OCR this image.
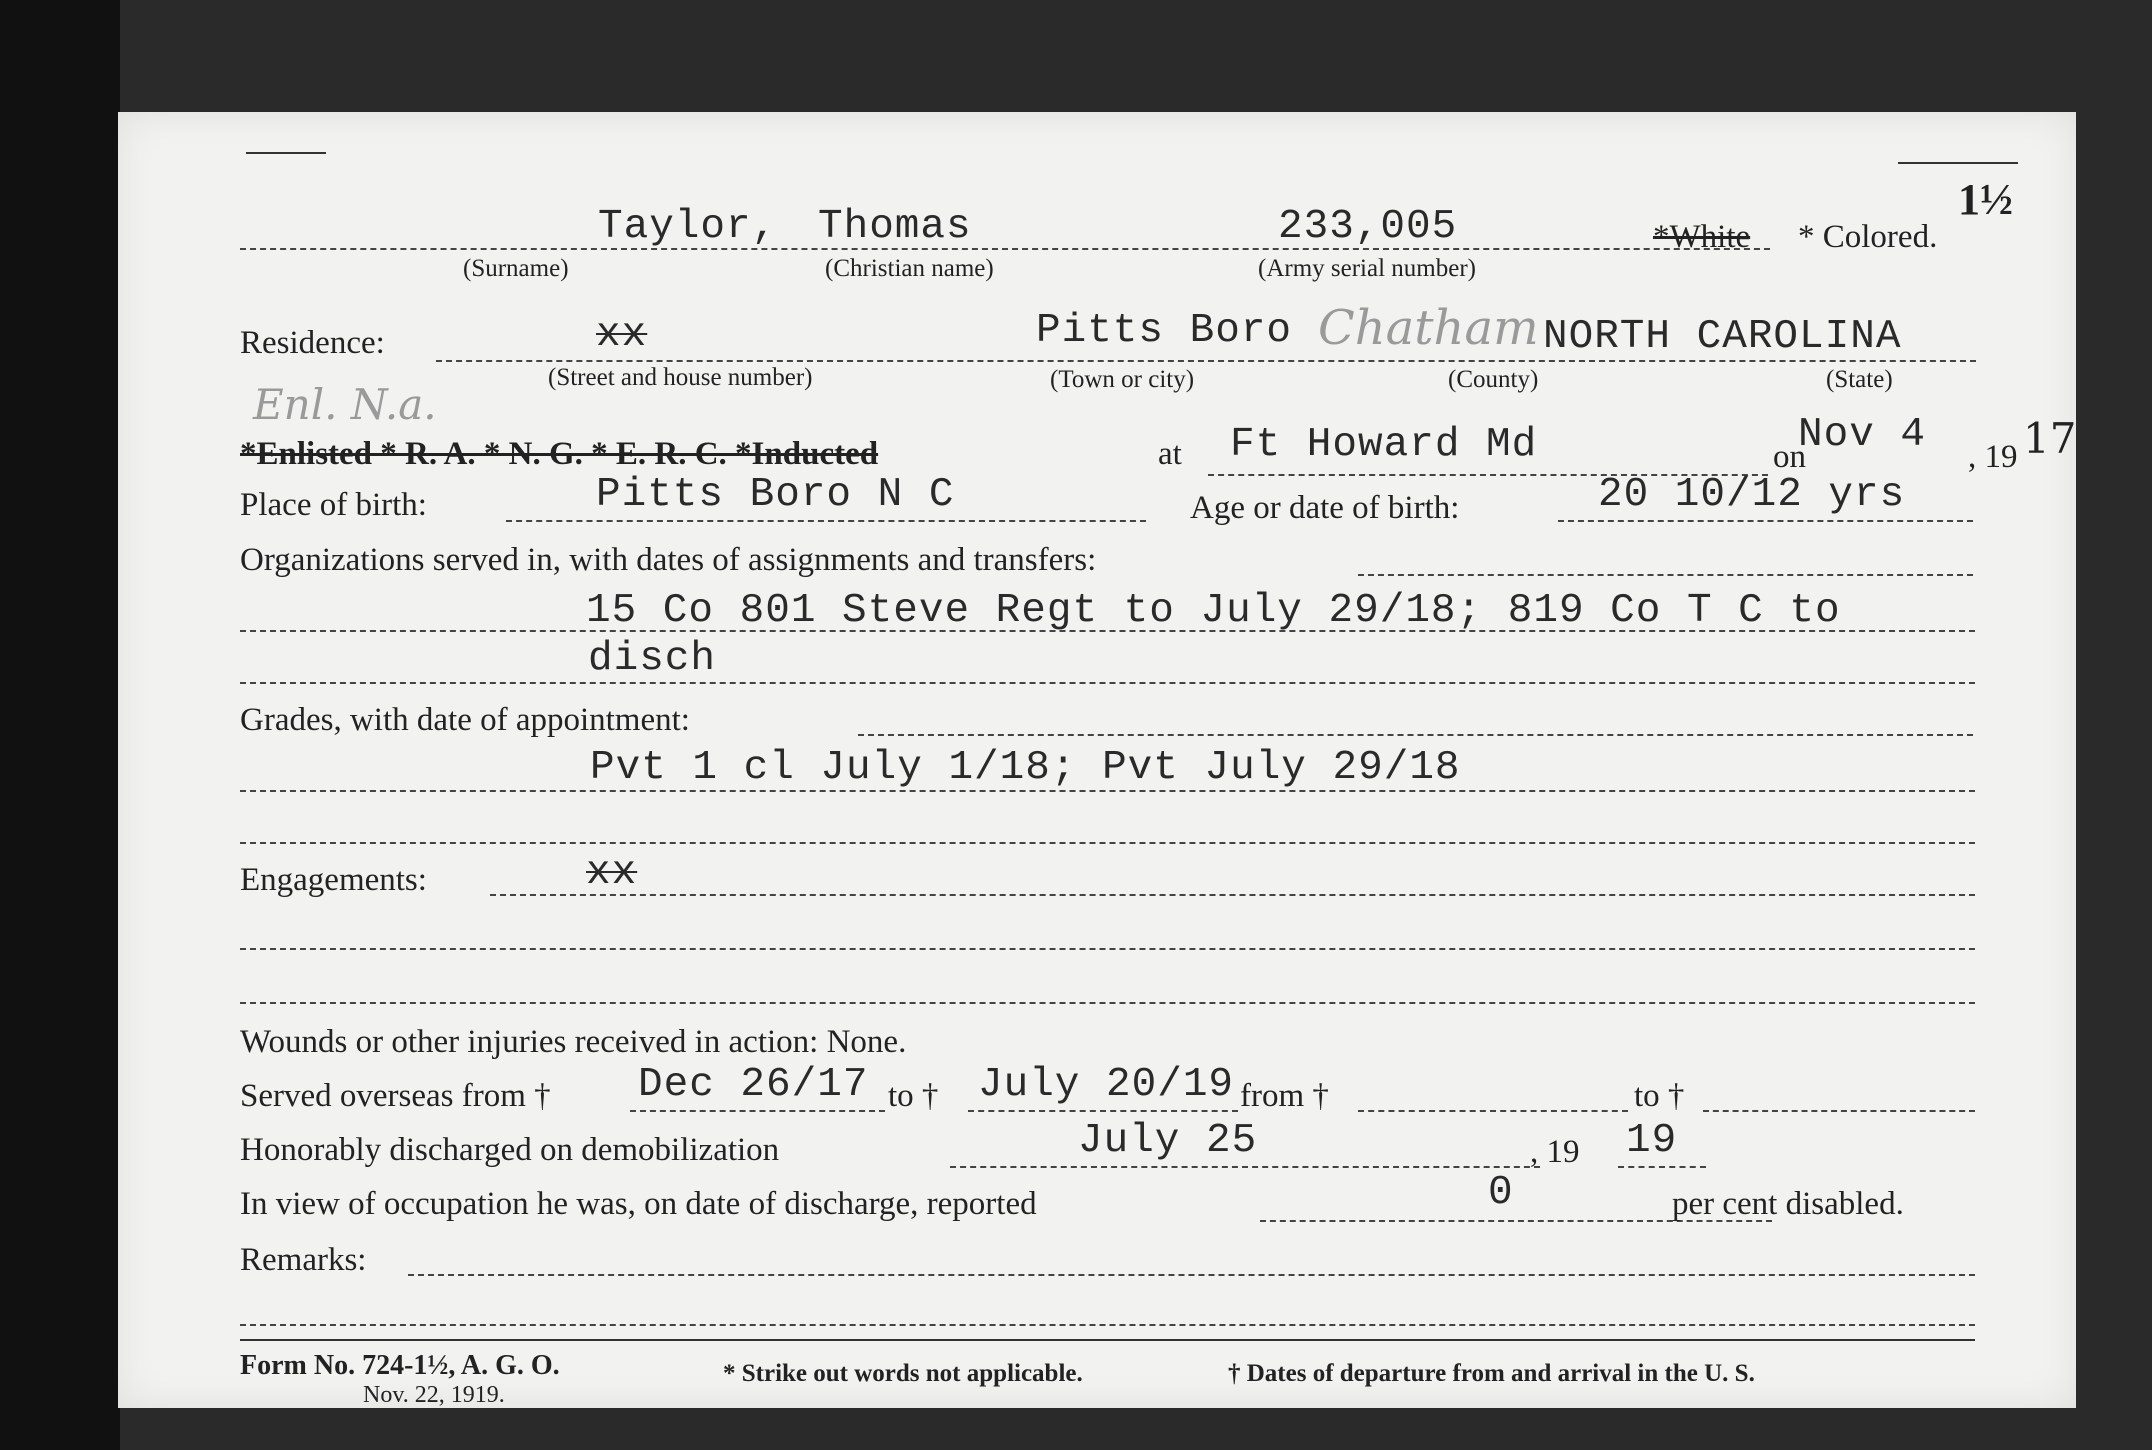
1½
Taylor, Thomas	233,005	*White * Colored.
(Surname)	(Christian name)	(Army serial number)
Residence:	xx	Pitts Boro Chatham NORTH CAROLINA
(Street and house number)	(Town or city)	(County)	(State)
Enl. N.a.
*Enlisted * R. A. * N. G. * E. R. C. *Inducted	at Ft Howard Md	on
Nov 4 , 19 17
Place of birth:	Pitts Boro N C	Age or date of birth:	20 10/12 yrs
Organizations served in, with dates of assignments and transfers:
15 Co 801 Steve Regt to July 29/18; 819 Co T C to
disch
Grades, with date of appointment:
Pvt 1 cl July 1/18; Pvt July 29/18
Engagements:	xx
Wounds or other injuries received in action: None.
Served overseas from † Dec 26/17 to † July 20/19 from †	to †
Honorably discharged on demobilization	July 25	, 19 19
In view of occupation he was, on date of discharge, reported	0	per cent disabled.
Remarks:
Form No. 724-1½, A. G. O.
Nov. 22, 1919.
* Strike out words not applicable.	† Dates of departure from and arrival in the U. S.
